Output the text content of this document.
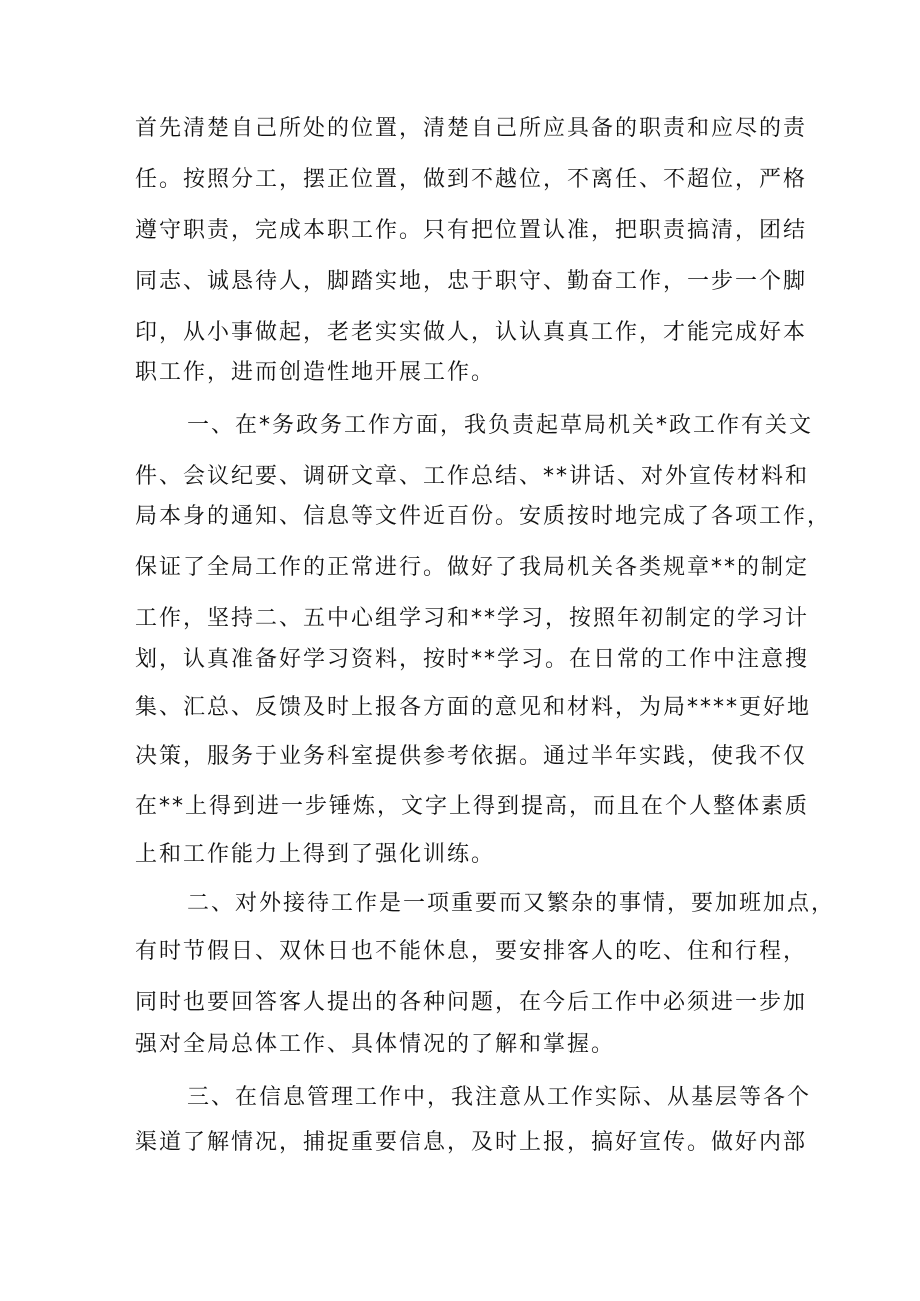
首先清楚自己所处的位置，清楚自己所应具备的职责和应尽的责

任。按照分工，摆正位置，做到不越位，不离任、不超位，严格

遵守职责，完成本职工作。只有把位置认准，把职责搞清，团结

同志、诚恳待人，脚踏实地，忠于职守、勤奋工作，一步一个脚

印，从小事做起，老老实实做人，认认真真工作，才能完成好本

职工作，进而创造性地开展工作。

一、在*务政务工作方面，我负责起草局机关*政工作有关文

件、会议纪要、调研文章、工作总结、**讲话、对外宣传材料和

局本身的通知、信息等文件近百份。安质按时地完成了各项工作，

保证了全局工作的正常进行。做好了我局机关各类规章**的制定

工作，坚持二、五中心组学习和**学习，按照年初制定的学习计

划，认真准备好学习资料，按时**学习。在日常的工作中注意搜

集、汇总、反馈及时上报各方面的意见和材料，为局****更好地

决策，服务于业务科室提供参考依据。通过半年实践，使我不仅

在**上得到进一步锤炼，文字上得到提高，而且在个人整体素质

上和工作能力上得到了强化训练。

二、对外接待工作是一项重要而又繁杂的事情，要加班加点，

有时节假日、双休日也不能休息，要安排客人的吃、住和行程，

同时也要回答客人提出的各种问题，在今后工作中必须进一步加

强对全局总体工作、具体情况的了解和掌握。

三、在信息管理工作中，我注意从工作实际、从基层等各个

渠道了解情况，捕捉重要信息，及时上报，搞好宣传。做好内部
